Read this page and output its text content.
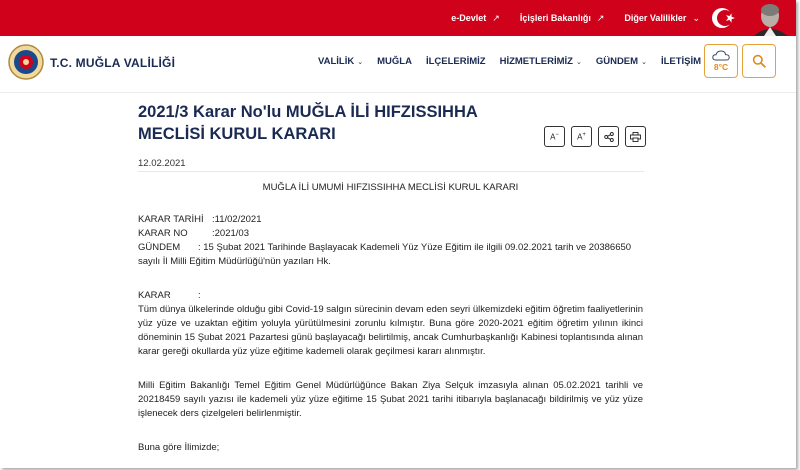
e-Devlet ↗ İçişleri Bakanlığı ↗ Diğer Valilikler ⌄
T.C. MUĞLA VALİLİĞİ	VALİLİK ⌄ MUĞLA İLÇELERİMİZ HİZMETLERİMİZ ⌄ GÜNDEM ⌄ İLETİŞİM 8°C
2021/3 Karar No'lu MUĞLA İLİ HIFZISSIHHA MECLİSİ KURUL KARARI	A− A+
12.02.2021

MUĞLA İLİ UMUMİ HIFZISSIHHA MECLİSİ KURUL KARARI

KARAR TARİHİ :11/02/2021
KARAR NO	:2021/03
GÜNDEM	: 15 Şubat 2021 Tarihinde Başlayacak Kademeli Yüz Yüze Eğitim ile ilgili 09.02.2021 tarih ve 20386650
sayılı İl Milli Eğitim Müdürlüğü'nün yazıları Hk.
KARAR	:
Tüm dünya ülkelerinde olduğu gibi Covid-19 salgın sürecinin devam eden seyri ülkemizdeki eğitim öğretim faaliyetlerinin yüz yüze ve uzaktan eğitim yoluyla yürütülmesini zorunlu kılmıştır. Buna göre 2020-2021 eğitim öğretim yılının ikinci döneminin 15 Şubat 2021 Pazartesi günü başlayacağı belirtilmiş, ancak Cumhurbaşkanlığı Kabinesi toplantısında alınan karar gereği okullarda yüz yüze eğitime kademeli olarak geçilmesi kararı alınmıştır.
Milli Eğitim Bakanlığı Temel Eğitim Genel Müdürlüğünce Bakan Ziya Selçuk imzasıyla alınan 05.02.2021 tarihli ve 20218459 sayılı yazısı ile kademeli yüz yüze eğitime 15 Şubat 2021 tarihi itibarıyla başlanacağı bildirilmiş ve yüz yüze işlenecek ders çizelgeleri belirlenmiştir.
Buna göre İlimizde;
